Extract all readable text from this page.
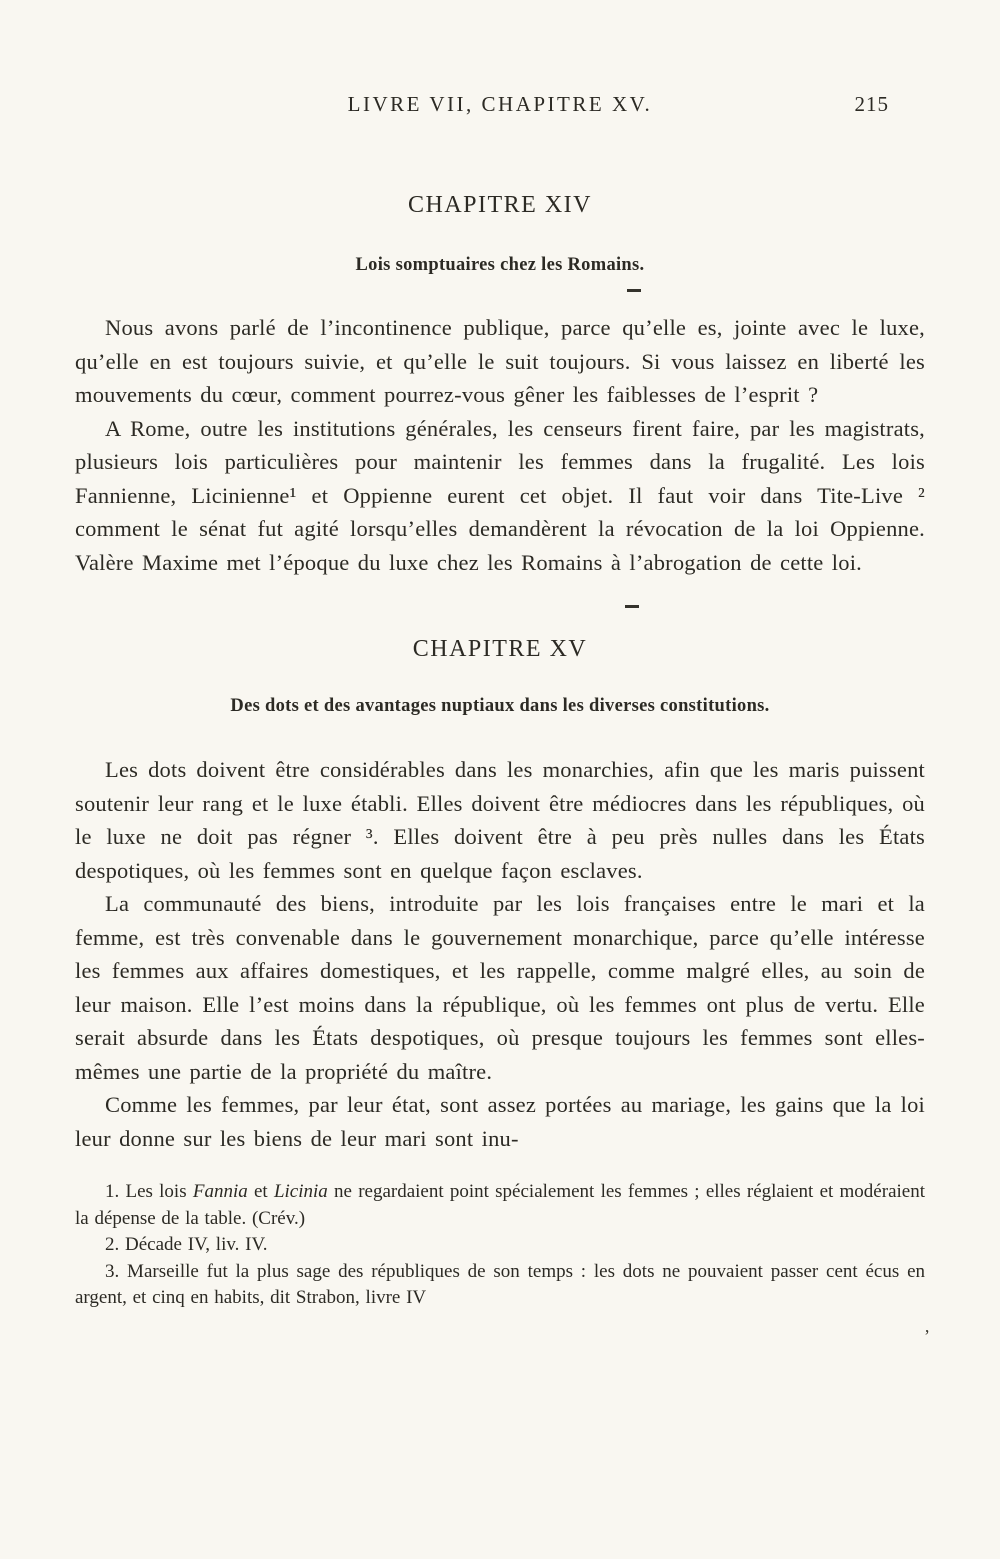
LIVRE VII, CHAPITRE XV.	215
CHAPITRE XIV
Lois somptuaires chez les Romains.

Nous avons parlé de l’incontinence publique, parce qu’elle es, jointe avec le luxe, qu’elle en est toujours suivie, et qu’elle le suit toujours. Si vous laissez en liberté les mouvements du cœur, comment pourrez-vous gêner les faiblesses de l’esprit ?

A Rome, outre les institutions générales, les censeurs firent faire, par les magistrats, plusieurs lois particulières pour maintenir les femmes dans la frugalité. Les lois Fannienne, Licinienne¹ et Oppienne eurent cet objet. Il faut voir dans Tite-Live ² comment le sénat fut agité lorsqu’elles demandèrent la révocation de la loi Oppienne. Valère Maxime met l’époque du luxe chez les Romains à l’abrogation de cette loi.

CHAPITRE XV
Des dots et des avantages nuptiaux dans les diverses constitutions.

Les dots doivent être considérables dans les monarchies, afin que les maris puissent soutenir leur rang et le luxe établi. Elles doivent être médiocres dans les républiques, où le luxe ne doit pas régner ³. Elles doivent être à peu près nulles dans les États despotiques, où les femmes sont en quelque façon esclaves.

La communauté des biens, introduite par les lois françaises entre le mari et la femme, est très convenable dans le gouvernement monarchique, parce qu’elle intéresse les femmes aux affaires domestiques, et les rappelle, comme malgré elles, au soin de leur maison. Elle l’est moins dans la république, où les femmes ont plus de vertu. Elle serait absurde dans les États despotiques, où presque toujours les femmes sont elles-mêmes une partie de la propriété du maître.

Comme les femmes, par leur état, sont assez portées au mariage, les gains que la loi leur donne sur les biens de leur mari sont inu-

’

1. Les lois Fannia et Licinia ne regardaient point spécialement les femmes ; elles réglaient et modéraient la dépense de la table. (Crév.)

2. Décade IV, liv. IV.

3. Marseille fut la plus sage des républiques de son temps : les dots ne pouvaient passer cent écus en argent, et cinq en habits, dit Strabon, livre IV
